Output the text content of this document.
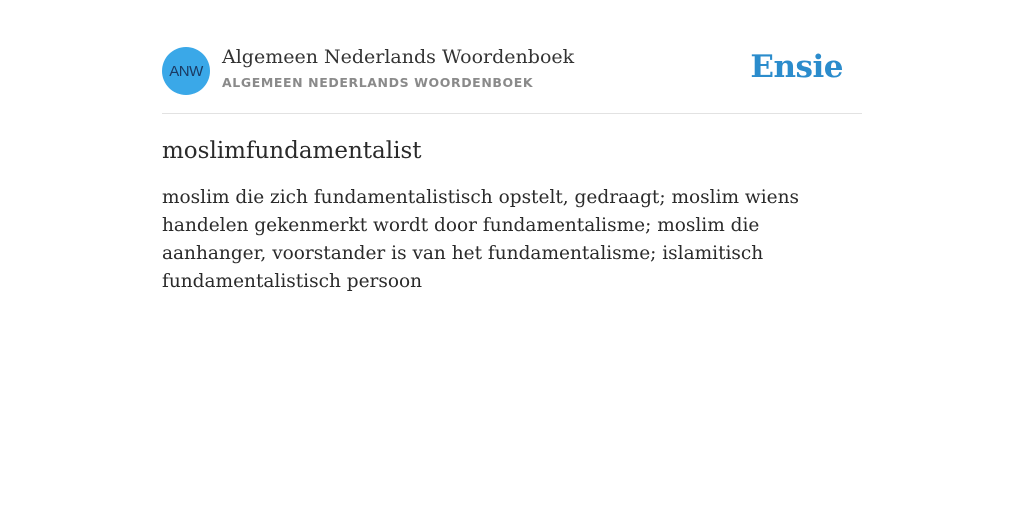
ANW
Algemeen Nederlands Woordenboek
ALGEMEEN NEDERLANDS WOORDENBOEK	Ensie
moslimfundamentalist
moslim die zich fundamentalistisch opstelt, gedraagt; moslim wiens handelen gekenmerkt wordt door fundamentalisme; moslim die aanhanger, voorstander is van het fundamentalisme; islamitisch fundamentalistisch persoon
